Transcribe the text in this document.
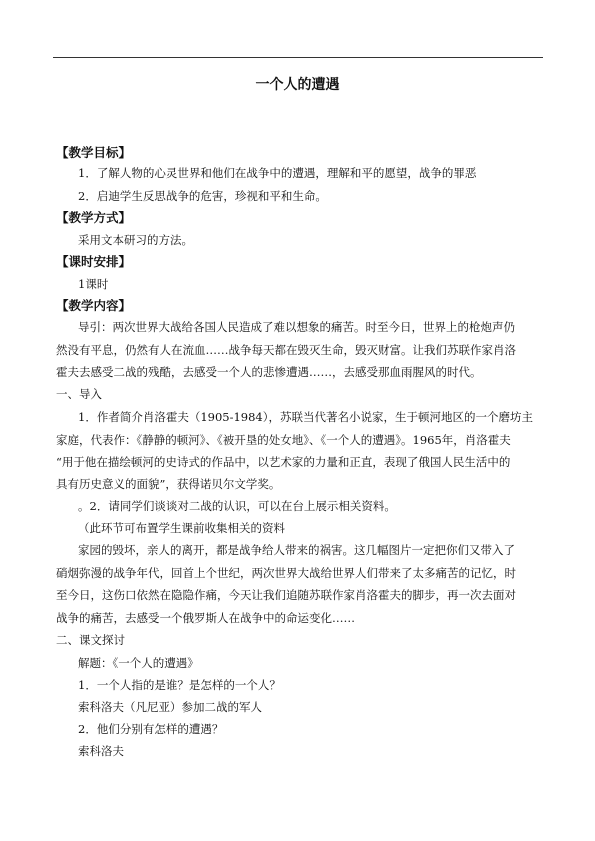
一个人的遭遇
【教学目标】
1．了解人物的心灵世界和他们在战争中的遭遇，理解和平的愿望，战争的罪恶
2．启迪学生反思战争的危害，珍视和平和生命。
【教学方式】
采用文本研习的方法。
【课时安排】
1课时
【教学内容】
导引：两次世界大战给各国人民造成了难以想象的痛苦。时至今日，世界上的枪炮声仍
然没有平息，仍然有人在流血……战争每天都在毁灭生命，毁灭财富。让我们苏联作家肖洛
霍夫去感受二战的残酷，去感受一个人的悲惨遭遇……，去感受那血雨腥风的时代。
一、导入
1．作者简介肖洛霍夫（1905-1984），苏联当代著名小说家，生于顿河地区的一个磨坊主
家庭，代表作：《静静的顿河》、《被开垦的处女地》、《一个人的遭遇》。1965年，肖洛霍夫
“用于他在描绘顿河的史诗式的作品中，以艺术家的力量和正直，表现了俄国人民生活中的
具有历史意义的面貌”，获得诺贝尔文学奖。
。2．请同学们谈谈对二战的认识，可以在台上展示相关资料。
（此环节可布置学生课前收集相关的资料
家园的毁坏，亲人的离开，都是战争给人带来的祸害。这几幅图片一定把你们又带入了
硝烟弥漫的战争年代，回首上个世纪，两次世界大战给世界人们带来了太多痛苦的记忆，时
至今日，这伤口依然在隐隐作痛，今天让我们追随苏联作家肖洛霍夫的脚步，再一次去面对
战争的痛苦，去感受一个俄罗斯人在战争中的命运变化……
二、课文探讨
解题：《一个人的遭遇》
1．一个人指的是谁？是怎样的一个人？
索科洛夫（凡尼亚）参加二战的军人
2．他们分别有怎样的遭遇？
索科洛夫
